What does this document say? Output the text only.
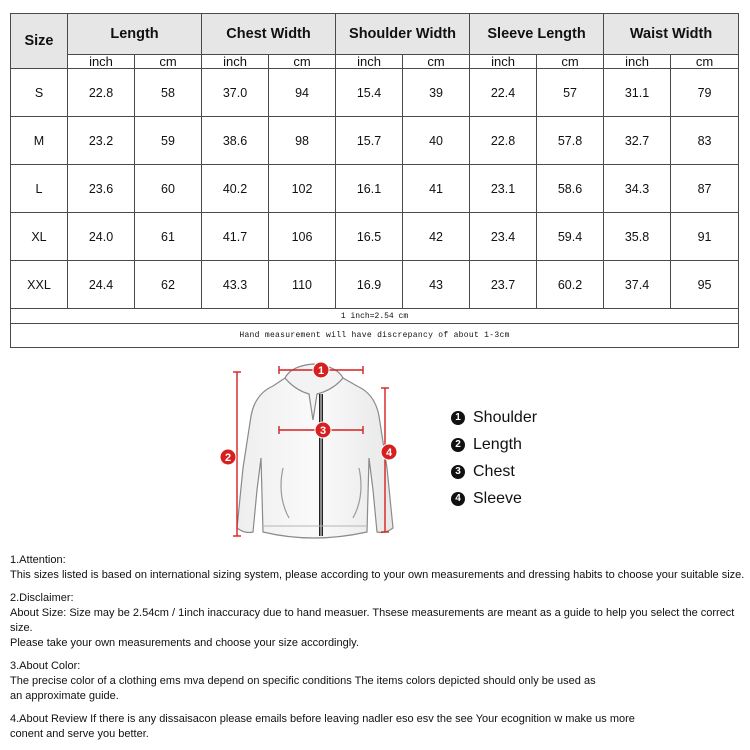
Size	Length		Chest Width		Shoulder Width		Sleeve Length		Waist Width	
	inch	cm	inch	cm	inch	cm	inch	cm	inch	cm
S	22.8	58	37.0	94	15.4	39	22.4	57	31.1	79
M	23.2	59	38.6	98	15.7	40	22.8	57.8	32.7	83
L	23.6	60	40.2	102	16.1	41	23.1	58.6	34.3	87
XL	24.0	61	41.7	106	16.5	42	23.4	59.4	35.8	91
XXL	24.4	62	43.3	110	16.9	43	23.7	60.2	37.4	95
1 inch=2.54 cm										
Hand measurement will have discrepancy of about 1-3cm										
1
2
3
4
1 Shoulder
2 Length
3 Chest
4 Sleeve

1.Attention:
This sizes listed is based on international sizing system, please according to your own measurements and dressing habits to choose your suitable size.

2.Disclaimer:
About Size: Size may be 2.54cm / 1inch inaccuracy due to hand measuer. Thsese measurements are meant as a guide to help you select the correct size.
Please take your own measurements and choose your size accordingly.

3.About Color:
The precise color of a clothing ems mva depend on specific conditions The items colors depicted should only be used as
an approximate guide.

4.About Review If there is any dissaisacon please emails before leaving nadler eso esv the see Your ecognition w make us more
conent and serve you better.
